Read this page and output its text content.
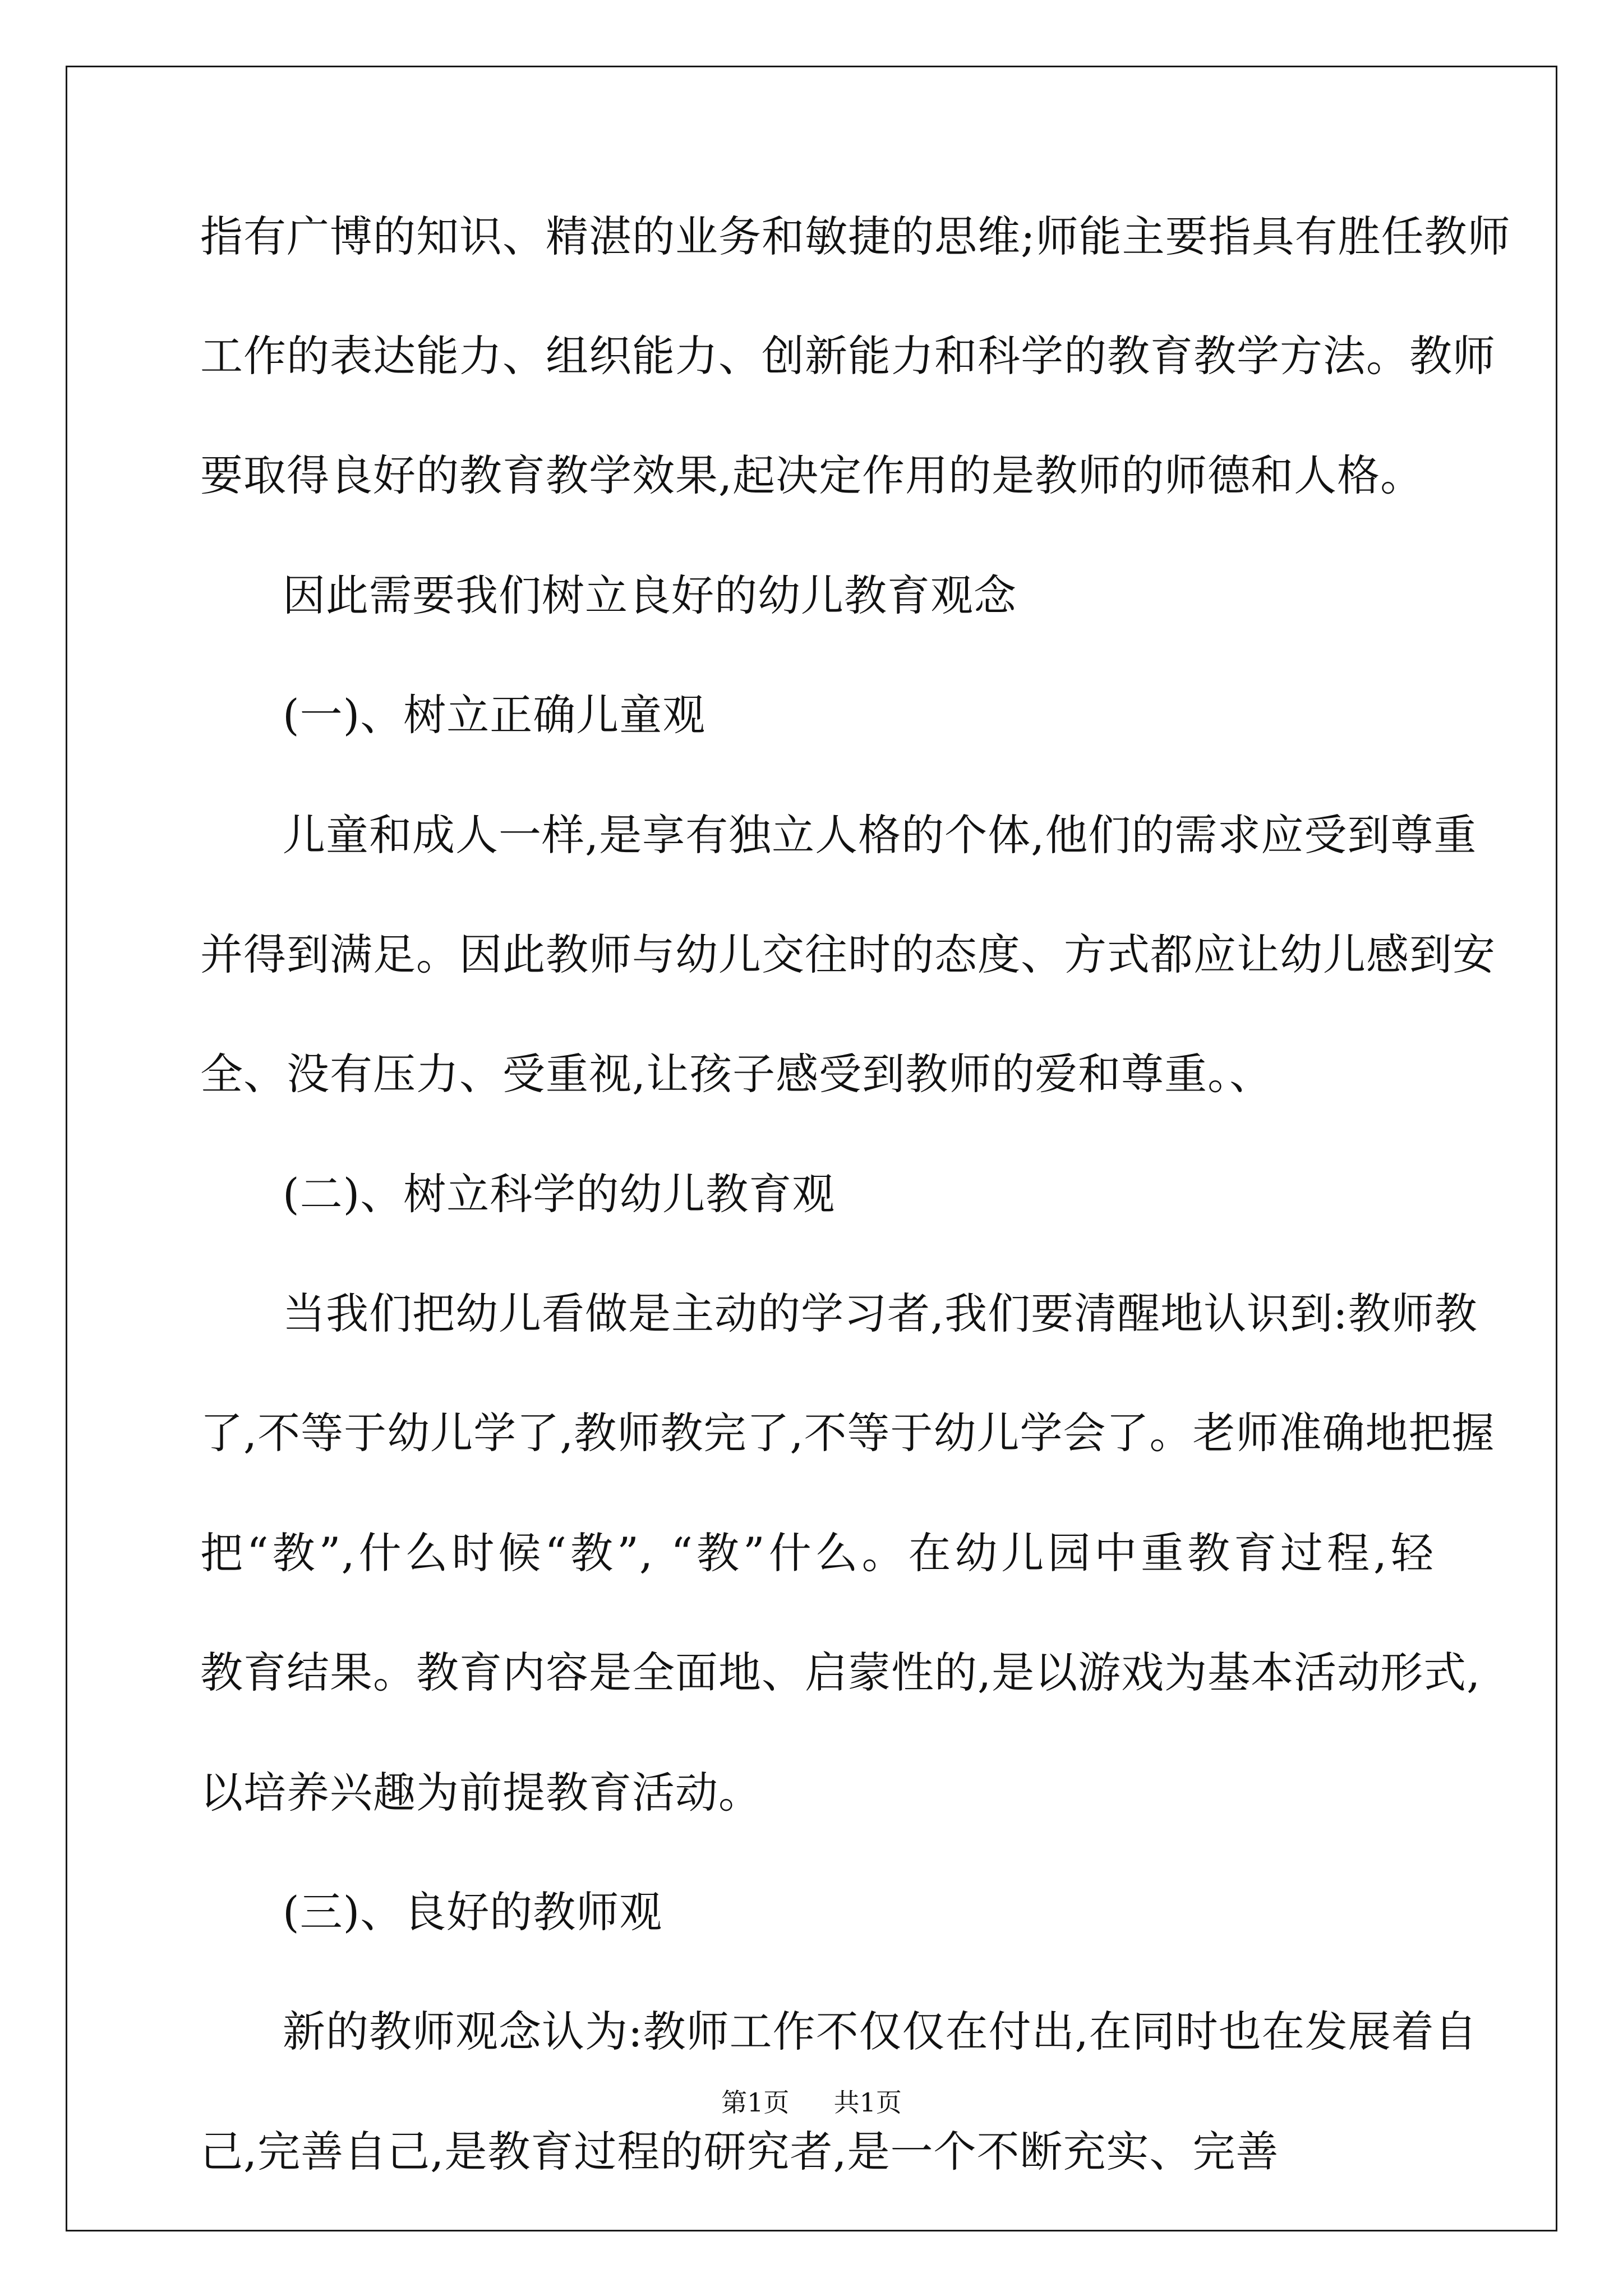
指有广博的知识、精湛的业务和敏捷的思维;师能主要指具有胜任教师
工作的表达能力、组织能力、创新能力和科学的教育教学方法。教师
要取得良好的教育教学效果,起决定作用的是教师的师德和人格。
因此需要我们树立良好的幼儿教育观念
(一)、树立正确儿童观
儿童和成人一样,是享有独立人格的个体,他们的需求应受到尊重
并得到满足。因此教师与幼儿交往时的态度、方式都应让幼儿感到安
全、没有压力、受重视,让孩子感受到教师的爱和尊重。、
(二)、树立科学的幼儿教育观
当我们把幼儿看做是主动的学习者,我们要清醒地认识到:教师教
了,不等于幼儿学了,教师教完了,不等于幼儿学会了。老师准确地把握
把“教”,什么时候“教”, “教”什么。在幼儿园中重教育过程,轻
教育结果。教育内容是全面地、启蒙性的,是以游戏为基本活动形式,
以培养兴趣为前提教育活动。
(三)、良好的教师观
新的教师观念认为:教师工作不仅仅在付出,在同时也在发展着自
己,完善自己,是教育过程的研究者,是一个不断充实、完善
第1页 共1页
